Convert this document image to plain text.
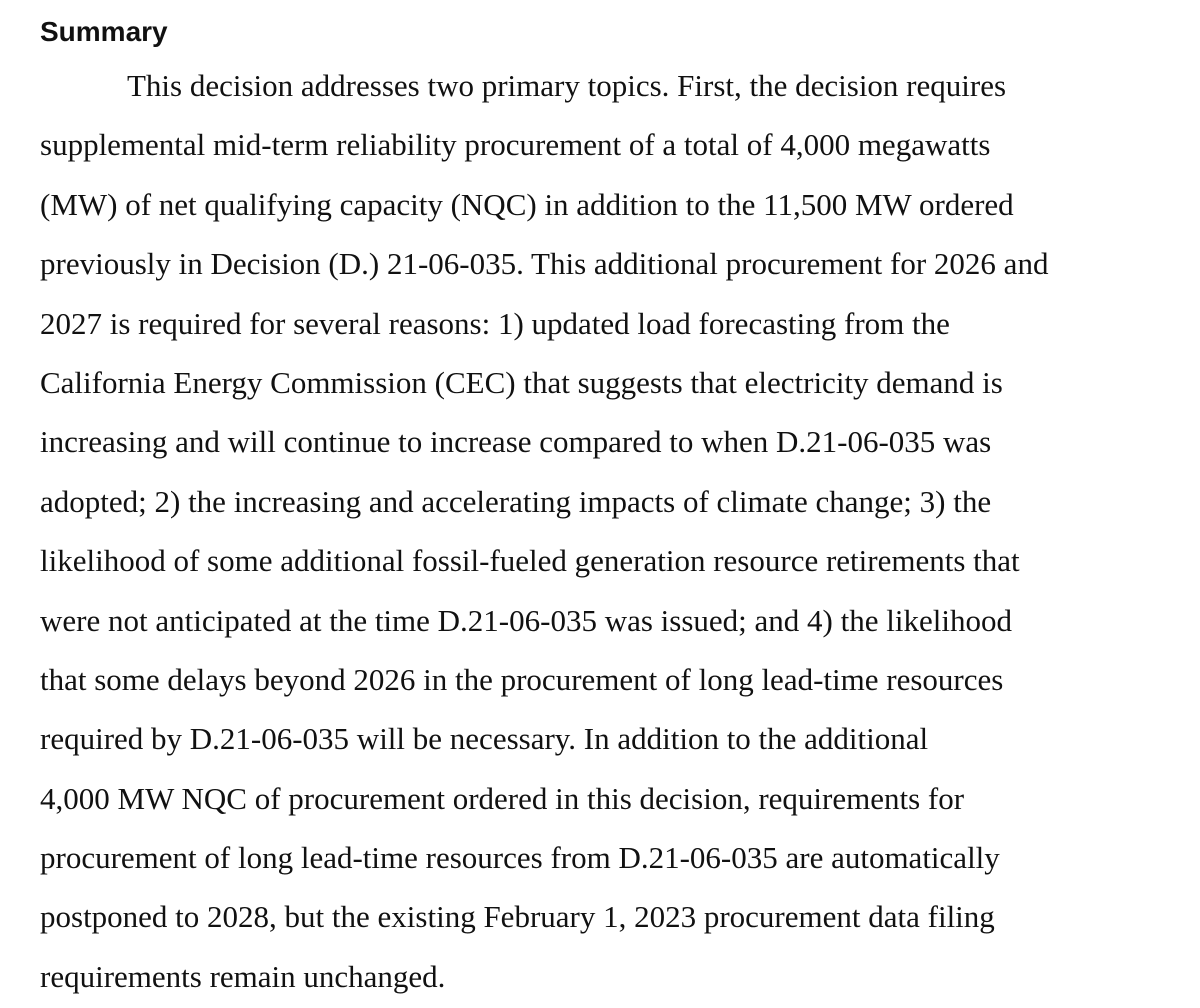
Summary
This decision addresses two primary topics. First, the decision requires
supplemental mid-term reliability procurement of a total of 4,000 megawatts
(MW) of net qualifying capacity (NQC) in addition to the 11,500 MW ordered
previously in Decision (D.) 21-06-035. This additional procurement for 2026 and
2027 is required for several reasons: 1) updated load forecasting from the
California Energy Commission (CEC) that suggests that electricity demand is
increasing and will continue to increase compared to when D.21-06-035 was
adopted; 2) the increasing and accelerating impacts of climate change; 3) the
likelihood of some additional fossil-fueled generation resource retirements that
were not anticipated at the time D.21-06-035 was issued; and 4) the likelihood
that some delays beyond 2026 in the procurement of long lead-time resources
required by D.21-06-035 will be necessary. In addition to the additional
4,000 MW NQC of procurement ordered in this decision, requirements for
procurement of long lead-time resources from D.21-06-035 are automatically
postponed to 2028, but the existing February 1, 2023 procurement data filing
requirements remain unchanged.
